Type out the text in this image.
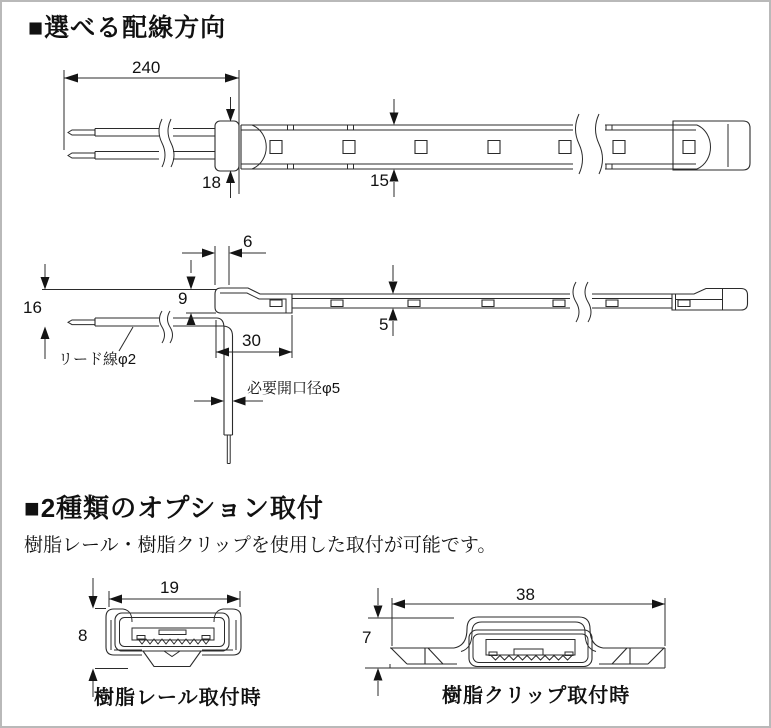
■選べる配線方向
240
18	15
6
9
16
5
30
リード線φ2
必要開口径φ5
■2種類のオプション取付
樹脂レール・樹脂クリップを使用した取付が可能です。
19
8
樹脂レール取付時
38
7
樹脂クリップ取付時
